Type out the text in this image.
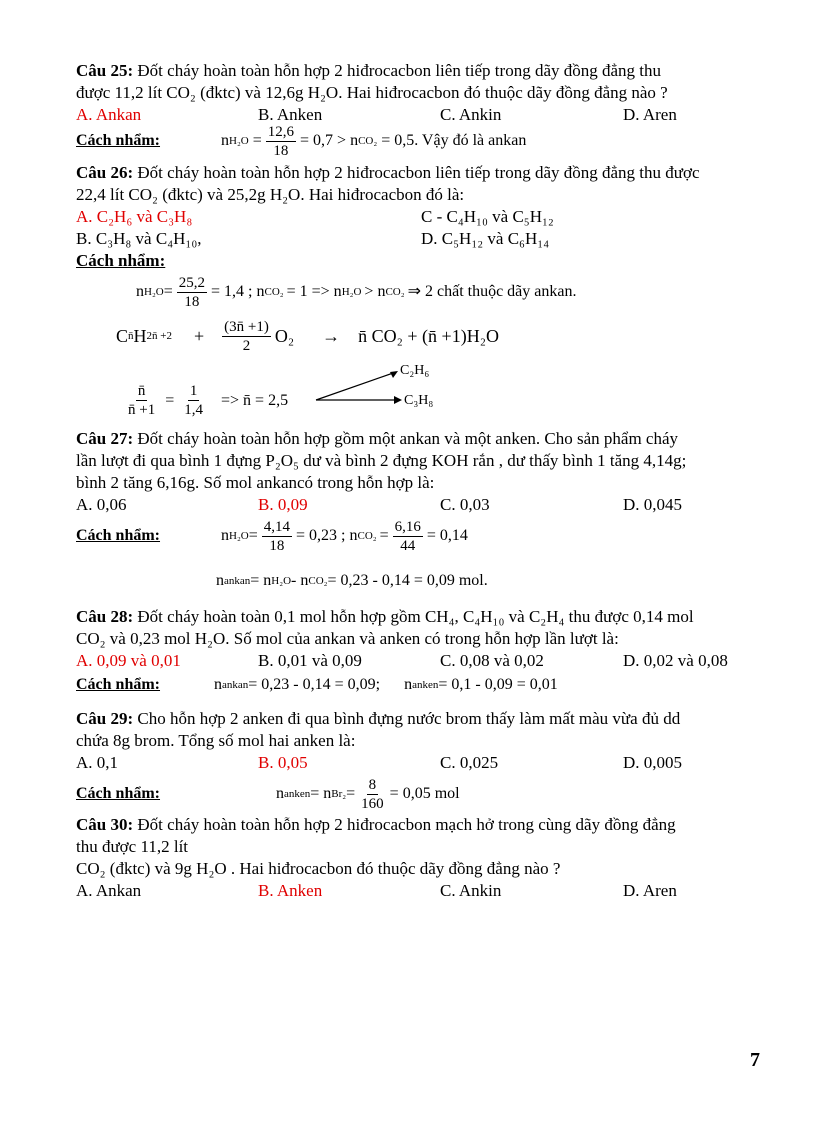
Câu 25: Đốt cháy hoàn toàn hỗn hợp 2 hiđrocacbon liên tiếp trong dãy đồng đẳng thu
được 11,2 lít CO₂ (đktc) và 12,6g H₂O. Hai hiđrocacbon đó thuộc dãy đồng đẳng nào ?
A. Ankan	B. Anken	C. Ankin	D. Aren
Cách nhẩm:	n $H_2O = \frac{12,6}{18} = 0,7 > n$ CO₂ = 0,5. Vậy đó là ankan
Câu 26: Đốt cháy hoàn toàn hỗn hợp 2 hiđrocacbon liên tiếp trong dãy đồng đẳng thu được
22,4 lít CO₂ (đktc) và 25,2g H₂O. Hai hiđrocacbon đó là:
A. C₂H₆ và C₃H₈	C - C₄H₁₀ và C₅H₁₂
B. C₃H₈ và C₄H₁₀,	D. C₅H₁₂ và C₆H₁₄
Cách nhẩm:
n $H_2O = \frac{25,2}{18} = 1,4$ ; n CO₂ = 1 => n H₂O > n CO₂ ⇒ 2 chất thuộc dãy ankan.
C n̄ H 2n̄ $+2 + \frac{(3n̄ +1)}{2} O_2$ → n̄ CO₂ + (n̄ +1)H₂O
$\frac{n̄}{n̄ +1} = \frac{1}{1,4}$ => n̄ = 2,5
C₂H₆
C₃H₈
Câu 27: Đốt cháy hoàn toàn hỗn hợp gồm một ankan và một anken. Cho sản phẩm cháy
lần lượt đi qua bình 1 đựng P₂O₅ dư và bình 2 đựng KOH rắn , dư thấy bình 1 tăng 4,14g;
bình 2 tăng 6,16g. Số mol ankancó trong hỗn hợp là:
A. 0,06	B. 0,09	C. 0,03	D. 0,045
Cách nhẩm:	n $H_2O = \frac{4,14}{18} = 0,23$ ; n $CO_2 = \frac{6,16}{44} = 0,14$
n ankan = n H₂O - n CO₂ = 0,23 - 0,14 = 0,09 mol.
Câu 28: Đốt cháy hoàn toàn 0,1 mol hỗn hợp gồm CH₄, C₄H₁₀ và C₂H₄ thu được 0,14 mol
CO₂ và 0,23 mol H₂O. Số mol của ankan và anken có trong hỗn hợp lần lượt là:
A. 0,09 và 0,01	B. 0,01 và 0,09	C. 0,08 và 0,02	D. 0,02 và 0,08
Cách nhẩm:	n ankan = 0,23 - 0,14 = 0,09; n anken = 0,1 - 0,09 = 0,01
Câu 29: Cho hỗn hợp 2 anken đi qua bình đựng nước brom thấy làm mất màu vừa đủ dd
chứa 8g brom. Tổng số mol hai anken là:
A. 0,1	B. 0,05	C. 0,025	D. 0,005
Cách nhẩm:	n anken = n $Br_2 = \frac{8}{160} = 0,05$ mol
Câu 30: Đốt cháy hoàn toàn hỗn hợp 2 hiđrocacbon mạch hở trong cùng dãy đồng đẳng
thu được 11,2 lít
CO₂ (đktc) và 9g H₂O . Hai hiđrocacbon đó thuộc dãy đồng đẳng nào ?
A. Ankan	B. Anken	C. Ankin	D. Aren
7
